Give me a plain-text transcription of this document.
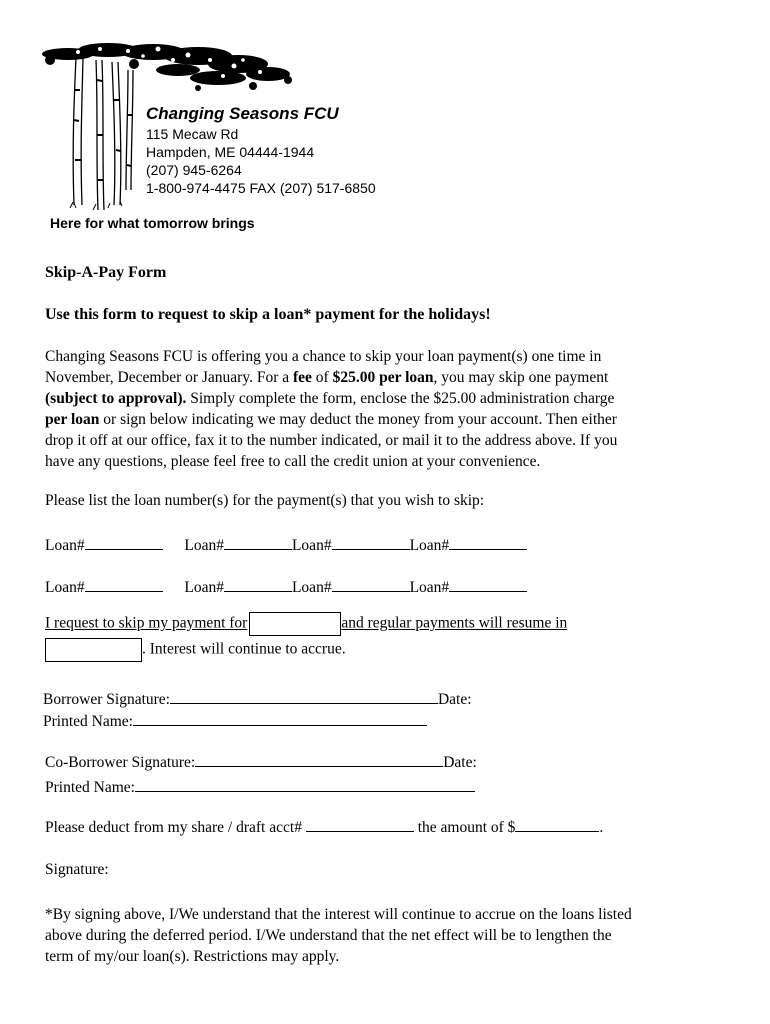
Changing Seasons FCU
115 Mecaw Rd
Hampden, ME 04444-1944
(207) 945-6264
1-800-974-4475 FAX (207) 517-6850
Here for what tomorrow brings
Skip-A-Pay Form
Use this form to request to skip a loan* payment for the holidays!

Changing Seasons FCU is offering you a chance to skip your loan payment(s) one time in

November, December or January. For a fee of $25.00 per loan, you may skip one payment

(subject to approval). Simply complete the form, enclose the $25.00 administration charge

per loan or sign below indicating we may deduct the money from your account. Then either

drop it off at our office, fax it to the number indicated, or mail it to the address above. If you

have any questions, please feel free to call the credit union at your convenience.

Please list the loan number(s) for the payment(s) that you wish to skip:
Loan#	Loan#	Loan#	Loan#
Loan#	Loan#	Loan#	Loan#
I request to skip my payment for	and regular payments will resume in
. Interest will continue to accrue.
Borrower Signature:	Date:
Printed Name:
Co-Borrower Signature:	Date:
Printed Name:
Please deduct from my share / draft acct#	the amount of $	.
Signature:

*By signing above, I/We understand that the interest will continue to accrue on the loans listed

above during the deferred period. I/We understand that the net effect will be to lengthen the

term of my/our loan(s). Restrictions may apply.
